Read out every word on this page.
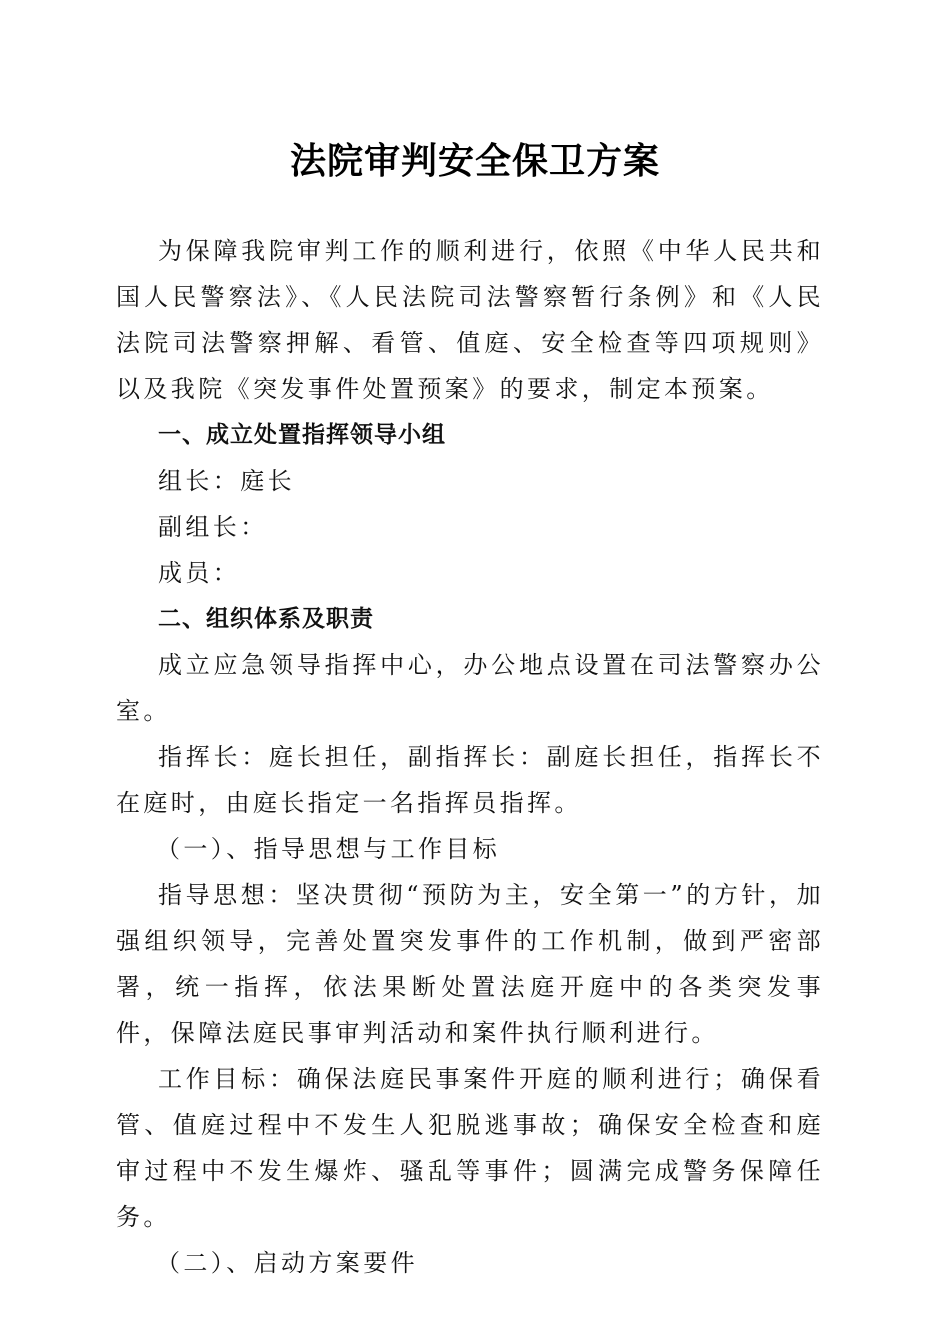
法院审判安全保卫方案

为保障我院审判工作的顺利进行，依照《中华人民共和国人民警察法》、《人民法院司法警察暂行条例》和《人民法院司法警察押解、看管、值庭、安全检查等四项规则》以及我院《突发事件处置预案》的要求，制定本预案。

一、成立处置指挥领导小组

组长：庭长

副组长：

成员：

二、组织体系及职责

成立应急领导指挥中心，办公地点设置在司法警察办公室。

指挥长：庭长担任，副指挥长：副庭长担任，指挥长不在庭时，由庭长指定一名指挥员指挥。

（一）、指导思想与工作目标

指导思想：坚决贯彻“预防为主，安全第一”的方针，加强组织领导，完善处置突发事件的工作机制，做到严密部署，统一指挥，依法果断处置法庭开庭中的各类突发事件，保障法庭民事审判活动和案件执行顺利进行。

工作目标：确保法庭民事案件开庭的顺利进行；确保看管、值庭过程中不发生人犯脱逃事故；确保安全检查和庭审过程中不发生爆炸、骚乱等事件；圆满完成警务保障任务。

（二）、启动方案要件
